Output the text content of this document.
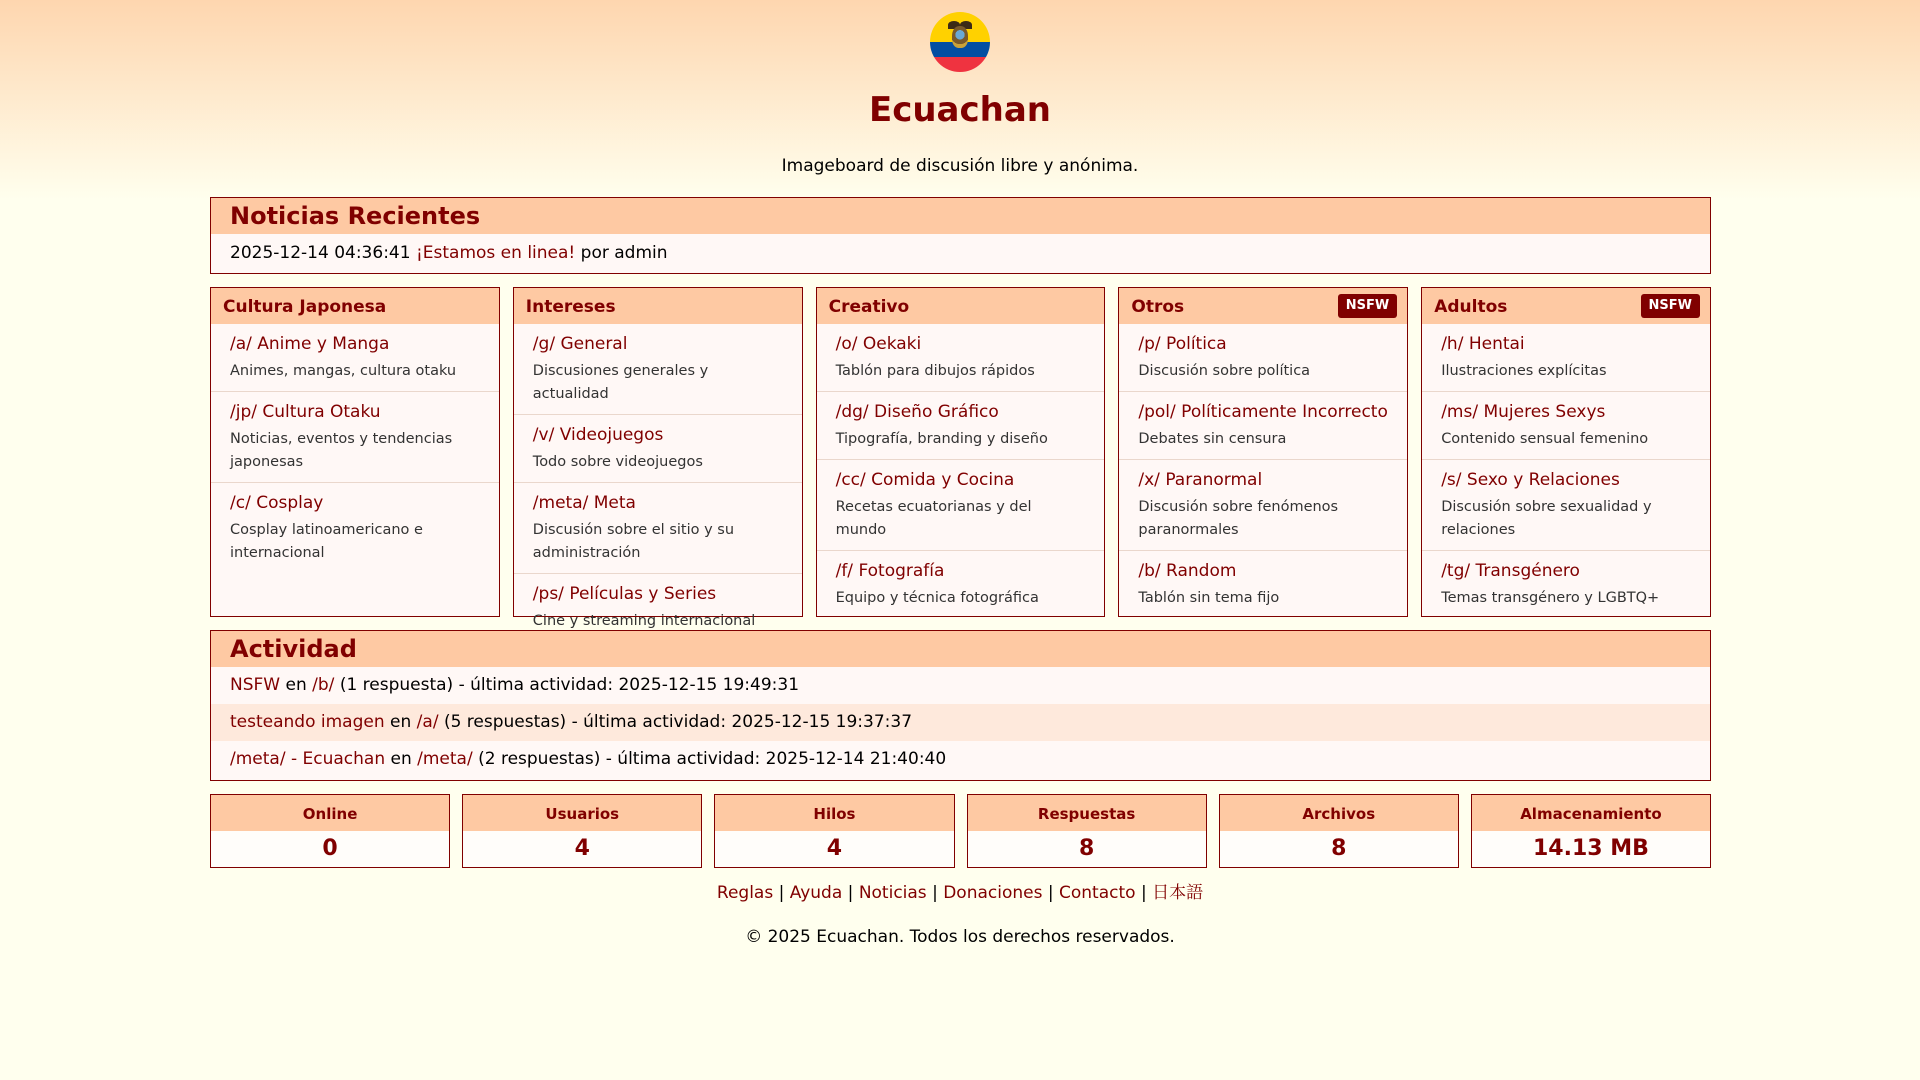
Ecuachan
Imageboard de discusión libre y anónima.
Noticias Recientes
2025-12-14 04:36:41 ¡Estamos en linea! por admin
Cultura Japonesa
/a/ Anime y Manga
Animes, mangas, cultura otaku
/jp/ Cultura Otaku
Noticias, eventos y tendencias japonesas
/c/ Cosplay
Cosplay latinoamericano e internacional
Intereses
/g/ General
Discusiones generales y actualidad
/v/ Videojuegos
Todo sobre videojuegos
/meta/ Meta
Discusión sobre el sitio y su administración
/ps/ Películas y Series
Cine y streaming internacional
Creativo
/o/ Oekaki
Tablón para dibujos rápidos
/dg/ Diseño Gráfico
Tipografía, branding y diseño
/cc/ Comida y Cocina
Recetas ecuatorianas y del mundo
/f/ Fotografía
Equipo y técnica fotográfica
Otros	NSFW
/p/ Política
Discusión sobre política
/pol/ Políticamente Incorrecto
Debates sin censura
/x/ Paranormal
Discusión sobre fenómenos paranormales
/b/ Random
Tablón sin tema fijo
Adultos	NSFW
/h/ Hentai
Ilustraciones explícitas
/ms/ Mujeres Sexys
Contenido sensual femenino
/s/ Sexo y Relaciones
Discusión sobre sexualidad y relaciones
/tg/ Transgénero
Temas transgénero y LGBTQ+
Actividad
NSFW en /b/ (1 respuesta) - última actividad: 2025-12-15 19:49:31
testeando imagen en /a/ (5 respuestas) - última actividad: 2025-12-15 19:37:37
/meta/ - Ecuachan en /meta/ (2 respuestas) - última actividad: 2025-12-14 21:40:40
Online
0
Usuarios
4
Hilos
4
Respuestas
8
Archivos
8
Almacenamiento
14.13 MB
Reglas | Ayuda | Noticias | Donaciones | Contacto | 日本語
© 2025 Ecuachan. Todos los derechos reservados.
